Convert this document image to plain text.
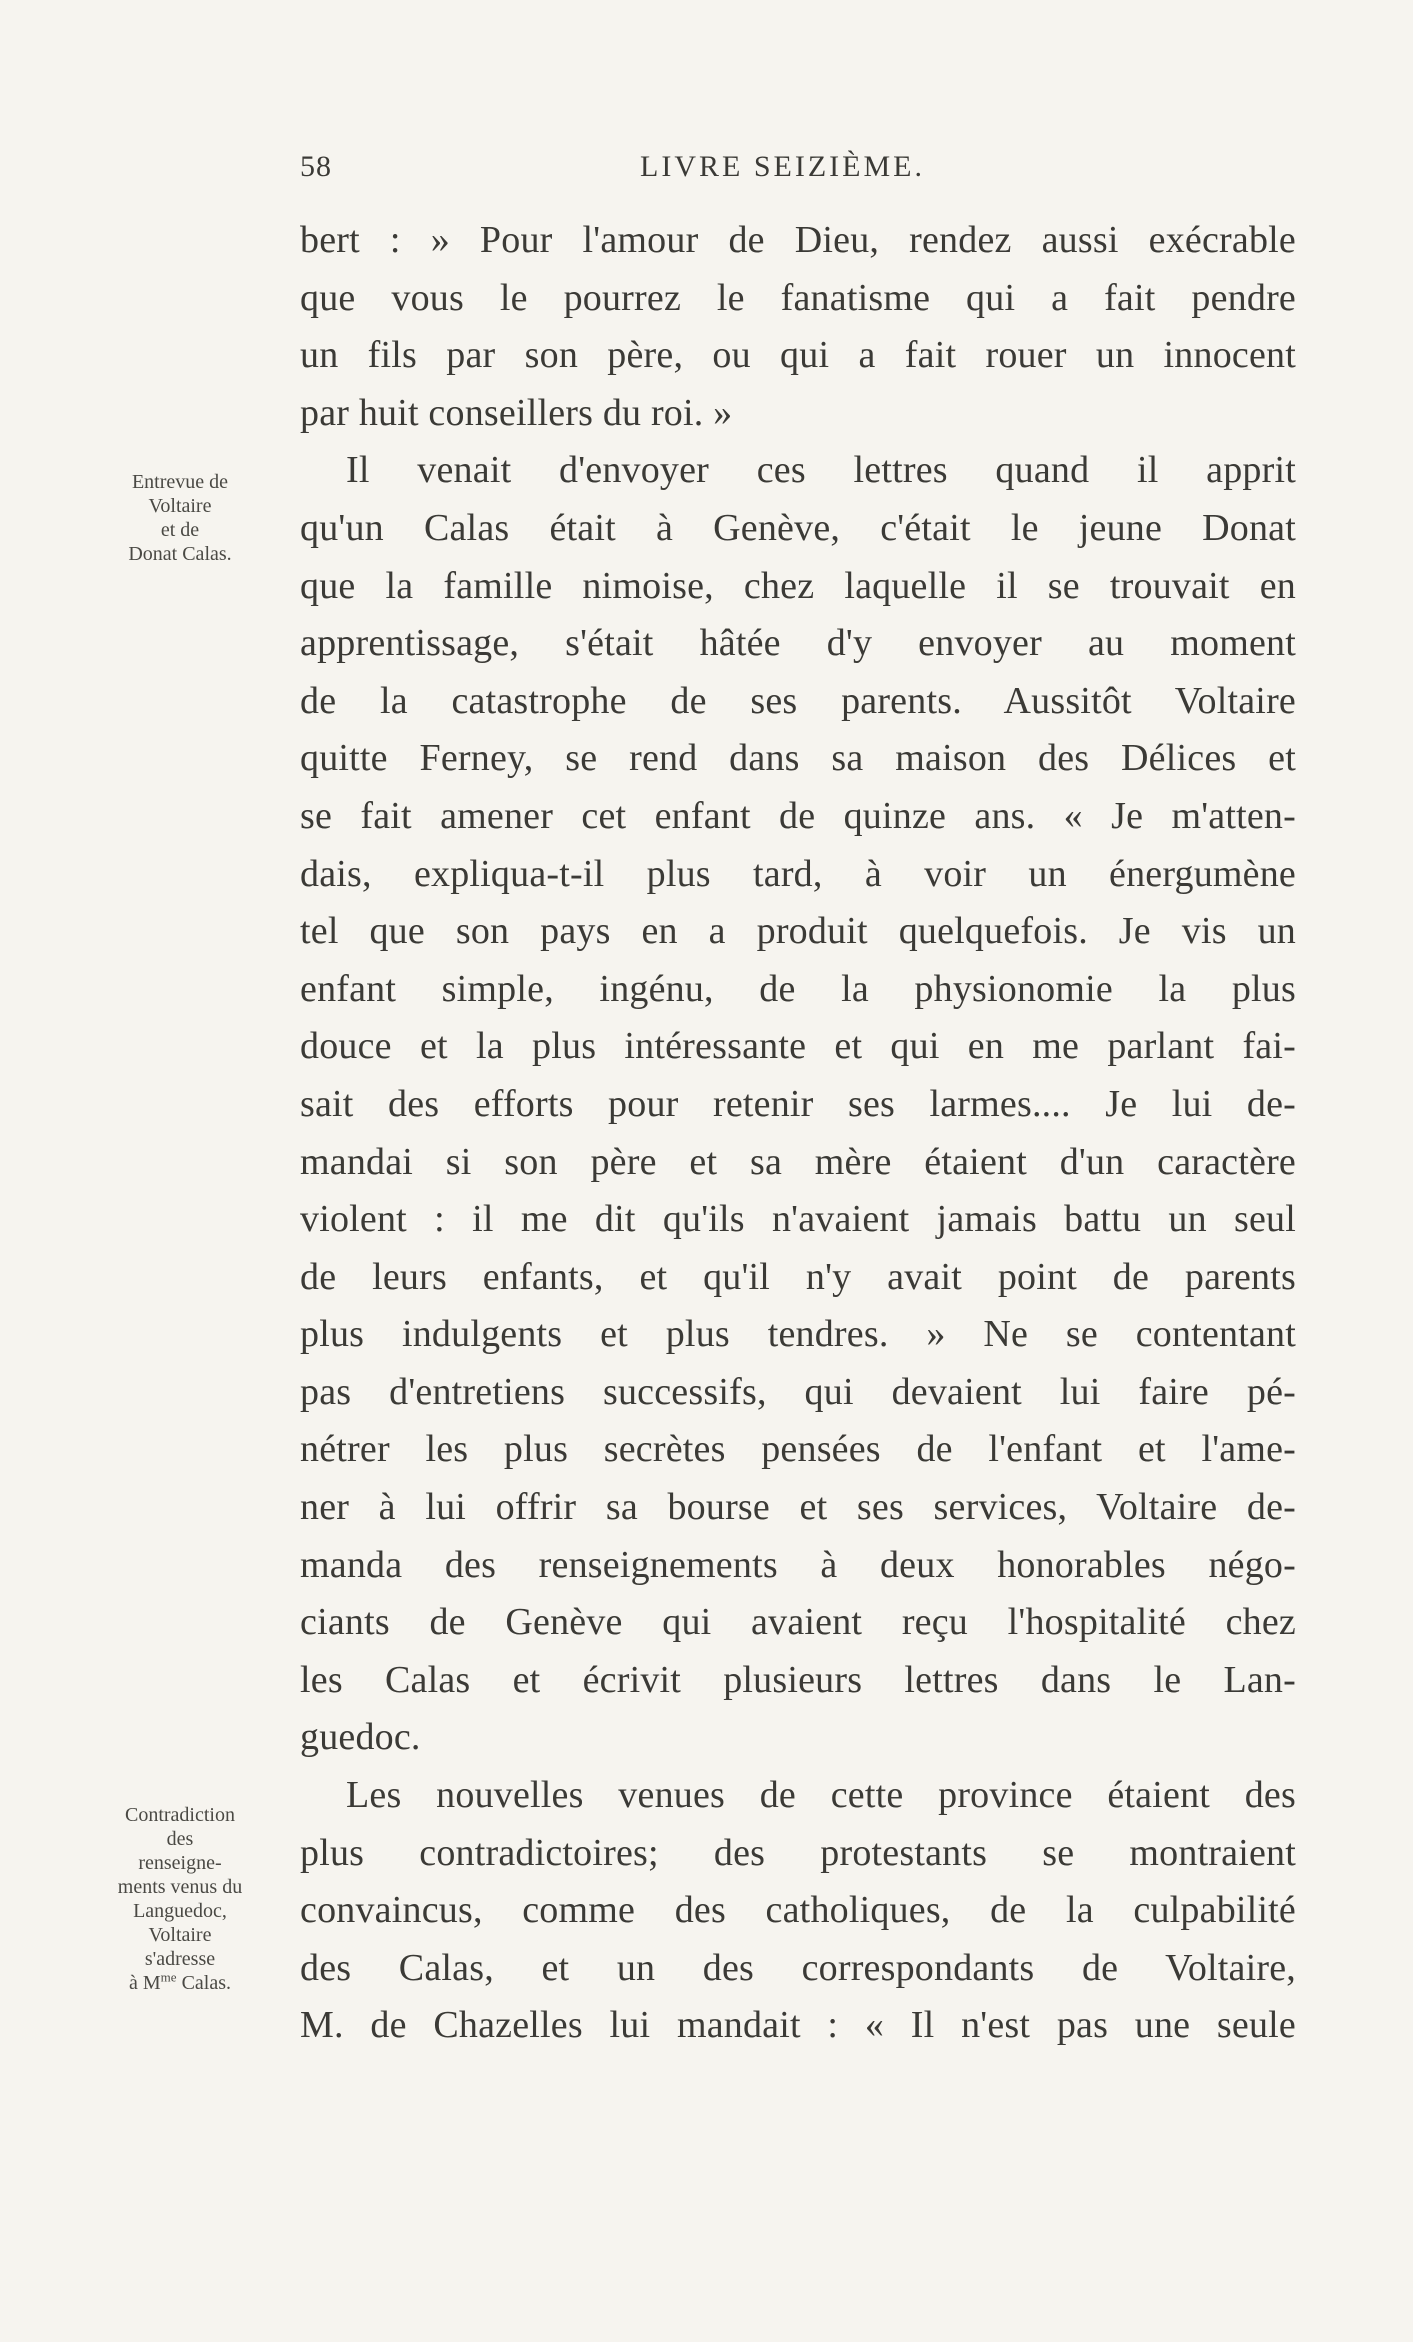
58	LIVRE SEIZIÈME.
Entrevue de
Voltaire
et de
Donat Calas.
Contradiction
des
renseigne-
ments venus du
Languedoc,
Voltaire
s'adresse
à $M^{me}$ Calas.
bert : » Pour l'amour de Dieu, rendez aussi exécrable
que vous le pourrez le fanatisme qui a fait pendre
un fils par son père, ou qui a fait rouer un innocent
par huit conseillers du roi. »
Il venait d'envoyer ces lettres quand il apprit
qu'un Calas était à Genève, c'était le jeune Donat
que la famille nimoise, chez laquelle il se trouvait en
apprentissage, s'était hâtée d'y envoyer au moment
de la catastrophe de ses parents. Aussitôt Voltaire
quitte Ferney, se rend dans sa maison des Délices et
se fait amener cet enfant de quinze ans. « Je m'atten-
dais, expliqua-t-il plus tard, à voir un énergumène
tel que son pays en a produit quelquefois. Je vis un
enfant simple, ingénu, de la physionomie la plus
douce et la plus intéressante et qui en me parlant fai-
sait des efforts pour retenir ses larmes.... Je lui de-
mandai si son père et sa mère étaient d'un caractère
violent : il me dit qu'ils n'avaient jamais battu un seul
de leurs enfants, et qu'il n'y avait point de parents
plus indulgents et plus tendres. » Ne se contentant
pas d'entretiens successifs, qui devaient lui faire pé-
nétrer les plus secrètes pensées de l'enfant et l'ame-
ner à lui offrir sa bourse et ses services, Voltaire de-
manda des renseignements à deux honorables négo-
ciants de Genève qui avaient reçu l'hospitalité chez
les Calas et écrivit plusieurs lettres dans le Lan-
guedoc.
Les nouvelles venues de cette province étaient des
plus contradictoires; des protestants se montraient
convaincus, comme des catholiques, de la culpabilité
des Calas, et un des correspondants de Voltaire,
M. de Chazelles lui mandait : « Il n'est pas une seule
